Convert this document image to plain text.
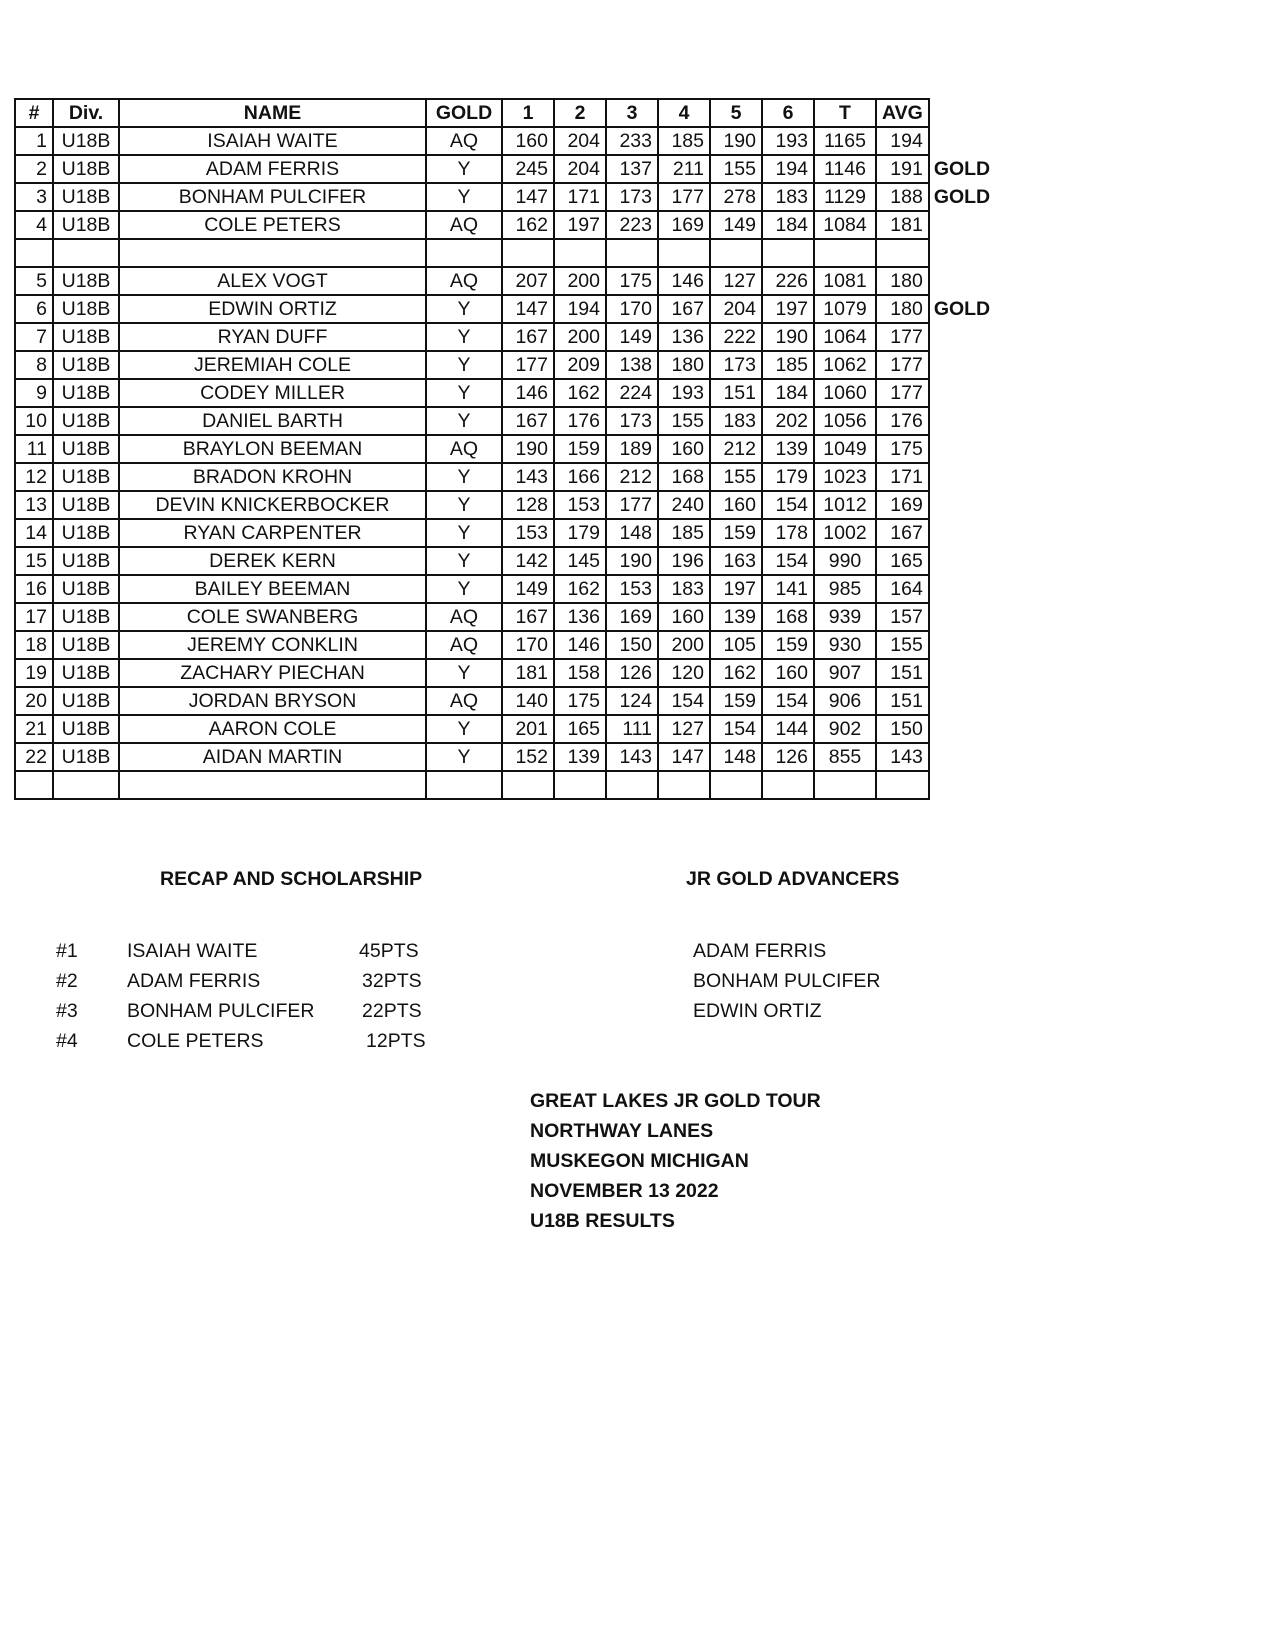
#	Div.	NAME	GOLD	1	2	3	4	5	6	T	AVG	
1	U18B	ISAIAH WAITE	AQ	160	204	233	185	190	193	1165	194	
2	U18B	ADAM FERRIS	Y	245	204	137	211	155	194	1146	191	GOLD
3	U18B	BONHAM PULCIFER	Y	147	171	173	177	278	183	1129	188	GOLD
4	U18B	COLE PETERS	AQ	162	197	223	169	149	184	1084	181	

5	U18B	ALEX VOGT	AQ	207	200	175	146	127	226	1081	180	
6	U18B	EDWIN ORTIZ	Y	147	194	170	167	204	197	1079	180	GOLD
7	U18B	RYAN DUFF	Y	167	200	149	136	222	190	1064	177	
8	U18B	JEREMIAH COLE	Y	177	209	138	180	173	185	1062	177	
9	U18B	CODEY MILLER	Y	146	162	224	193	151	184	1060	177	
10	U18B	DANIEL BARTH	Y	167	176	173	155	183	202	1056	176	
11	U18B	BRAYLON BEEMAN	AQ	190	159	189	160	212	139	1049	175	
12	U18B	BRADON KROHN	Y	143	166	212	168	155	179	1023	171	
13	U18B	DEVIN KNICKERBOCKER	Y	128	153	177	240	160	154	1012	169	
14	U18B	RYAN CARPENTER	Y	153	179	148	185	159	178	1002	167	
15	U18B	DEREK KERN	Y	142	145	190	196	163	154	990	165	
16	U18B	BAILEY BEEMAN	Y	149	162	153	183	197	141	985	164	
17	U18B	COLE SWANBERG	AQ	167	136	169	160	139	168	939	157	
18	U18B	JEREMY CONKLIN	AQ	170	146	150	200	105	159	930	155	
19	U18B	ZACHARY PIECHAN	Y	181	158	126	120	162	160	907	151	
20	U18B	JORDAN BRYSON	AQ	140	175	124	154	159	154	906	151	
21	U18B	AARON COLE	Y	201	165	111	127	154	144	902	150	
22	U18B	AIDAN MARTIN	Y	152	139	143	147	148	126	855	143	

RECAP AND SCHOLARSHIP	JR GOLD ADVANCERS
#1	ISAIAH WAITE	45PTS
#2	ADAM FERRIS	32PTS
#3	BONHAM PULCIFER 22PTS
#4	COLE PETERS	12PTS
ADAM FERRIS
BONHAM PULCIFER
EDWIN ORTIZ
GREAT LAKES JR GOLD TOUR
NORTHWAY LANES
MUSKEGON MICHIGAN
NOVEMBER 13 2022
U18B RESULTS
